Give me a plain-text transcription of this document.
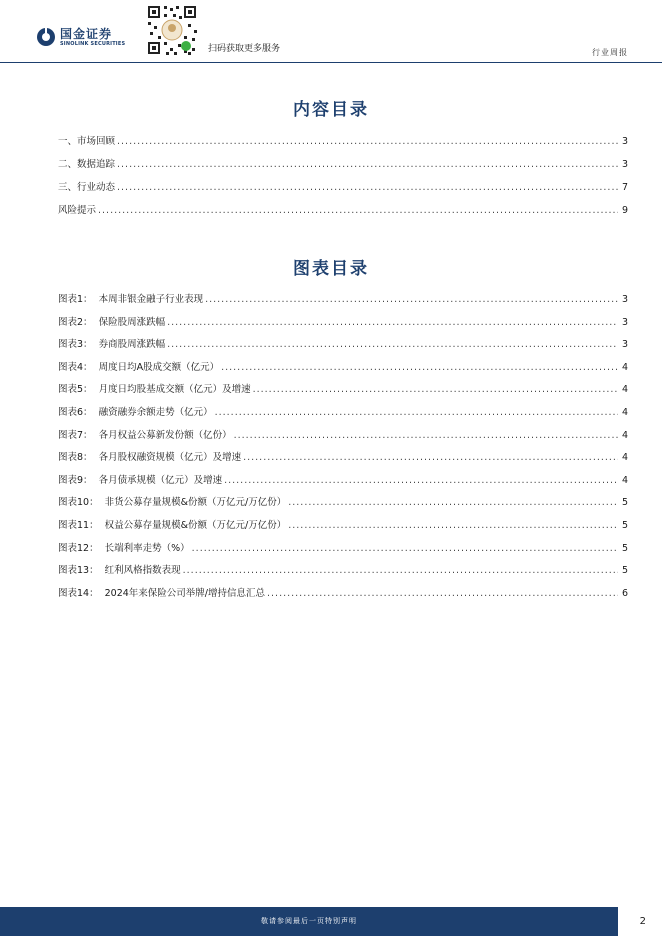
国金证券
SINOLINK SECURITIES
扫码获取更多服务	行业周报
内容目录
一、市场回顾 .....	3
二、数据追踪 .....	3
三、行业动态 .....	7
风险提示 .....	9
图表目录
图表1：  本周非银金融子行业表现 .....	3
图表2：  保险股周涨跌幅 .....	3
图表3：  券商股周涨跌幅 .....	3
图表4：  周度日均A股成交额（亿元） .....	4
图表5：  月度日均股基成交额（亿元）及增速 .....	4
图表6：  融资融券余额走势（亿元） .....	4
图表7：  各月权益公募新发份额（亿份） .....	4
图表8：  各月股权融资规模（亿元）及增速 .....	4
图表9：  各月债承规模（亿元）及增速 .....	4
图表10：  非货公募存量规模&份额（万亿元/万亿份） .....	5
图表11：  权益公募存量规模&份额（万亿元/万亿份） .....	5
图表12：  长端利率走势（%） .....	5
图表13：  红利风格指数表现 .....	5
图表14：  2024年来保险公司举牌/增持信息汇总 .....	6
敬请参阅最后一页特别声明	2
